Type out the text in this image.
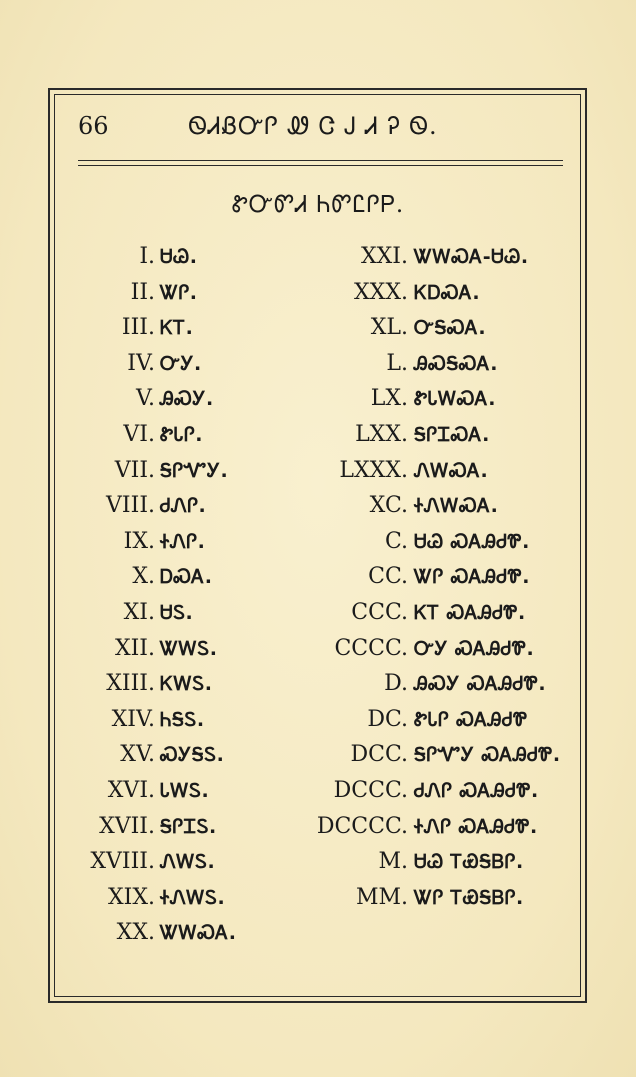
66	ᏫᏗᏰᏅᎵ Ꮺ Ꮳ Ꭻ Ꮧ Ꭾ Ꮻ.
ᏑᏅᏛᏗ ᏂᏛᏝᎵᏢ.
I. ᏌᏊ.
II. ᏔᎵ.
III. ᏦᎢ.
IV. ᏅᎩ.
V. ᎯᏍᎩ.
VI. ᏑᏓᎵ.
VII. ᎦᎵᏉᎩ.
VIII. ᏧᏁᎵ.
IX. ᏐᏁᎵ.
X. ᎠᏍᎪ.
XI. ᏌᏚ.
XII. ᏔᎳᏚ.
XIII. ᏦᎳᏚ.
XIV. ᏂᎦᏚ.
XV. ᏍᎩᎦᏚ.
XVI. ᏓᎳᏚ.
XVII. ᎦᎵᏆᏚ.
XVIII. ᏁᎳᏚ.
XIX. ᏐᏁᎳᏚ.
XX. ᏔᎳᏍᎪ.
XXI. ᏔᎳᏍᎪ-ᏌᏊ.
XXX. ᏦᎠᏍᎪ.
XL. ᏅᎦᏍᎪ.
L. ᎯᏍᎦᏍᎪ.
LX. ᏑᏓᎳᏍᎪ.
LXX. ᎦᎵᏆᏍᎪ.
LXXX. ᏁᎳᏍᎪ.
XC. ᏐᏁᎳᏍᎪ.
C. ᏌᏊ ᏍᎪᎯᏧᏈ.
CC. ᏔᎵ ᏍᎪᎯᏧᏈ.
CCC. ᏦᎢ ᏍᎪᎯᏧᏈ.
CCCC. ᏅᎩ ᏍᎪᎯᏧᏈ.
D. ᎯᏍᎩ ᏍᎪᎯᏧᏈ.
DC. ᏑᏓᎵ ᏍᎪᎯᏧᏈ
DCC. ᎦᎵᏉᎩ ᏍᎪᎯᏧᏈ.
DCCC. ᏧᏁᎵ ᏍᎪᎯᏧᏈ.
DCCCC. ᏐᏁᎵ ᏍᎪᎯᏧᏈ.
M. ᏌᏊ ᎢᏯᎦᏴᎵ.
MM. ᏔᎵ ᎢᏯᎦᏴᎵ.
